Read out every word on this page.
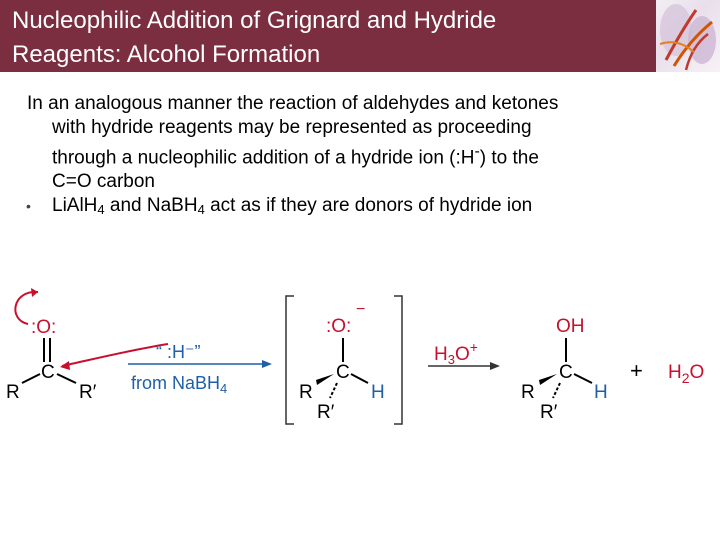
Nucleophilic Addition of Grignard and Hydride
Reagents: Alcohol Formation

In an analogous manner the reaction of aldehydes and ketones

with hydride reagents may be represented as proceeding

through a nucleophilic addition of a hydride ion (:H-) to the

C=O carbon

• LiAlH$_4$ and NaBH$_4$ act as if they are donors of hydride ion
:O:
C
R	R′
“ :H⁻”
from NaBH$_4$
:O:
−
C
R	H
R′
$H_3O^+$
OH
C
R	H
R′
+ $H_2O$
